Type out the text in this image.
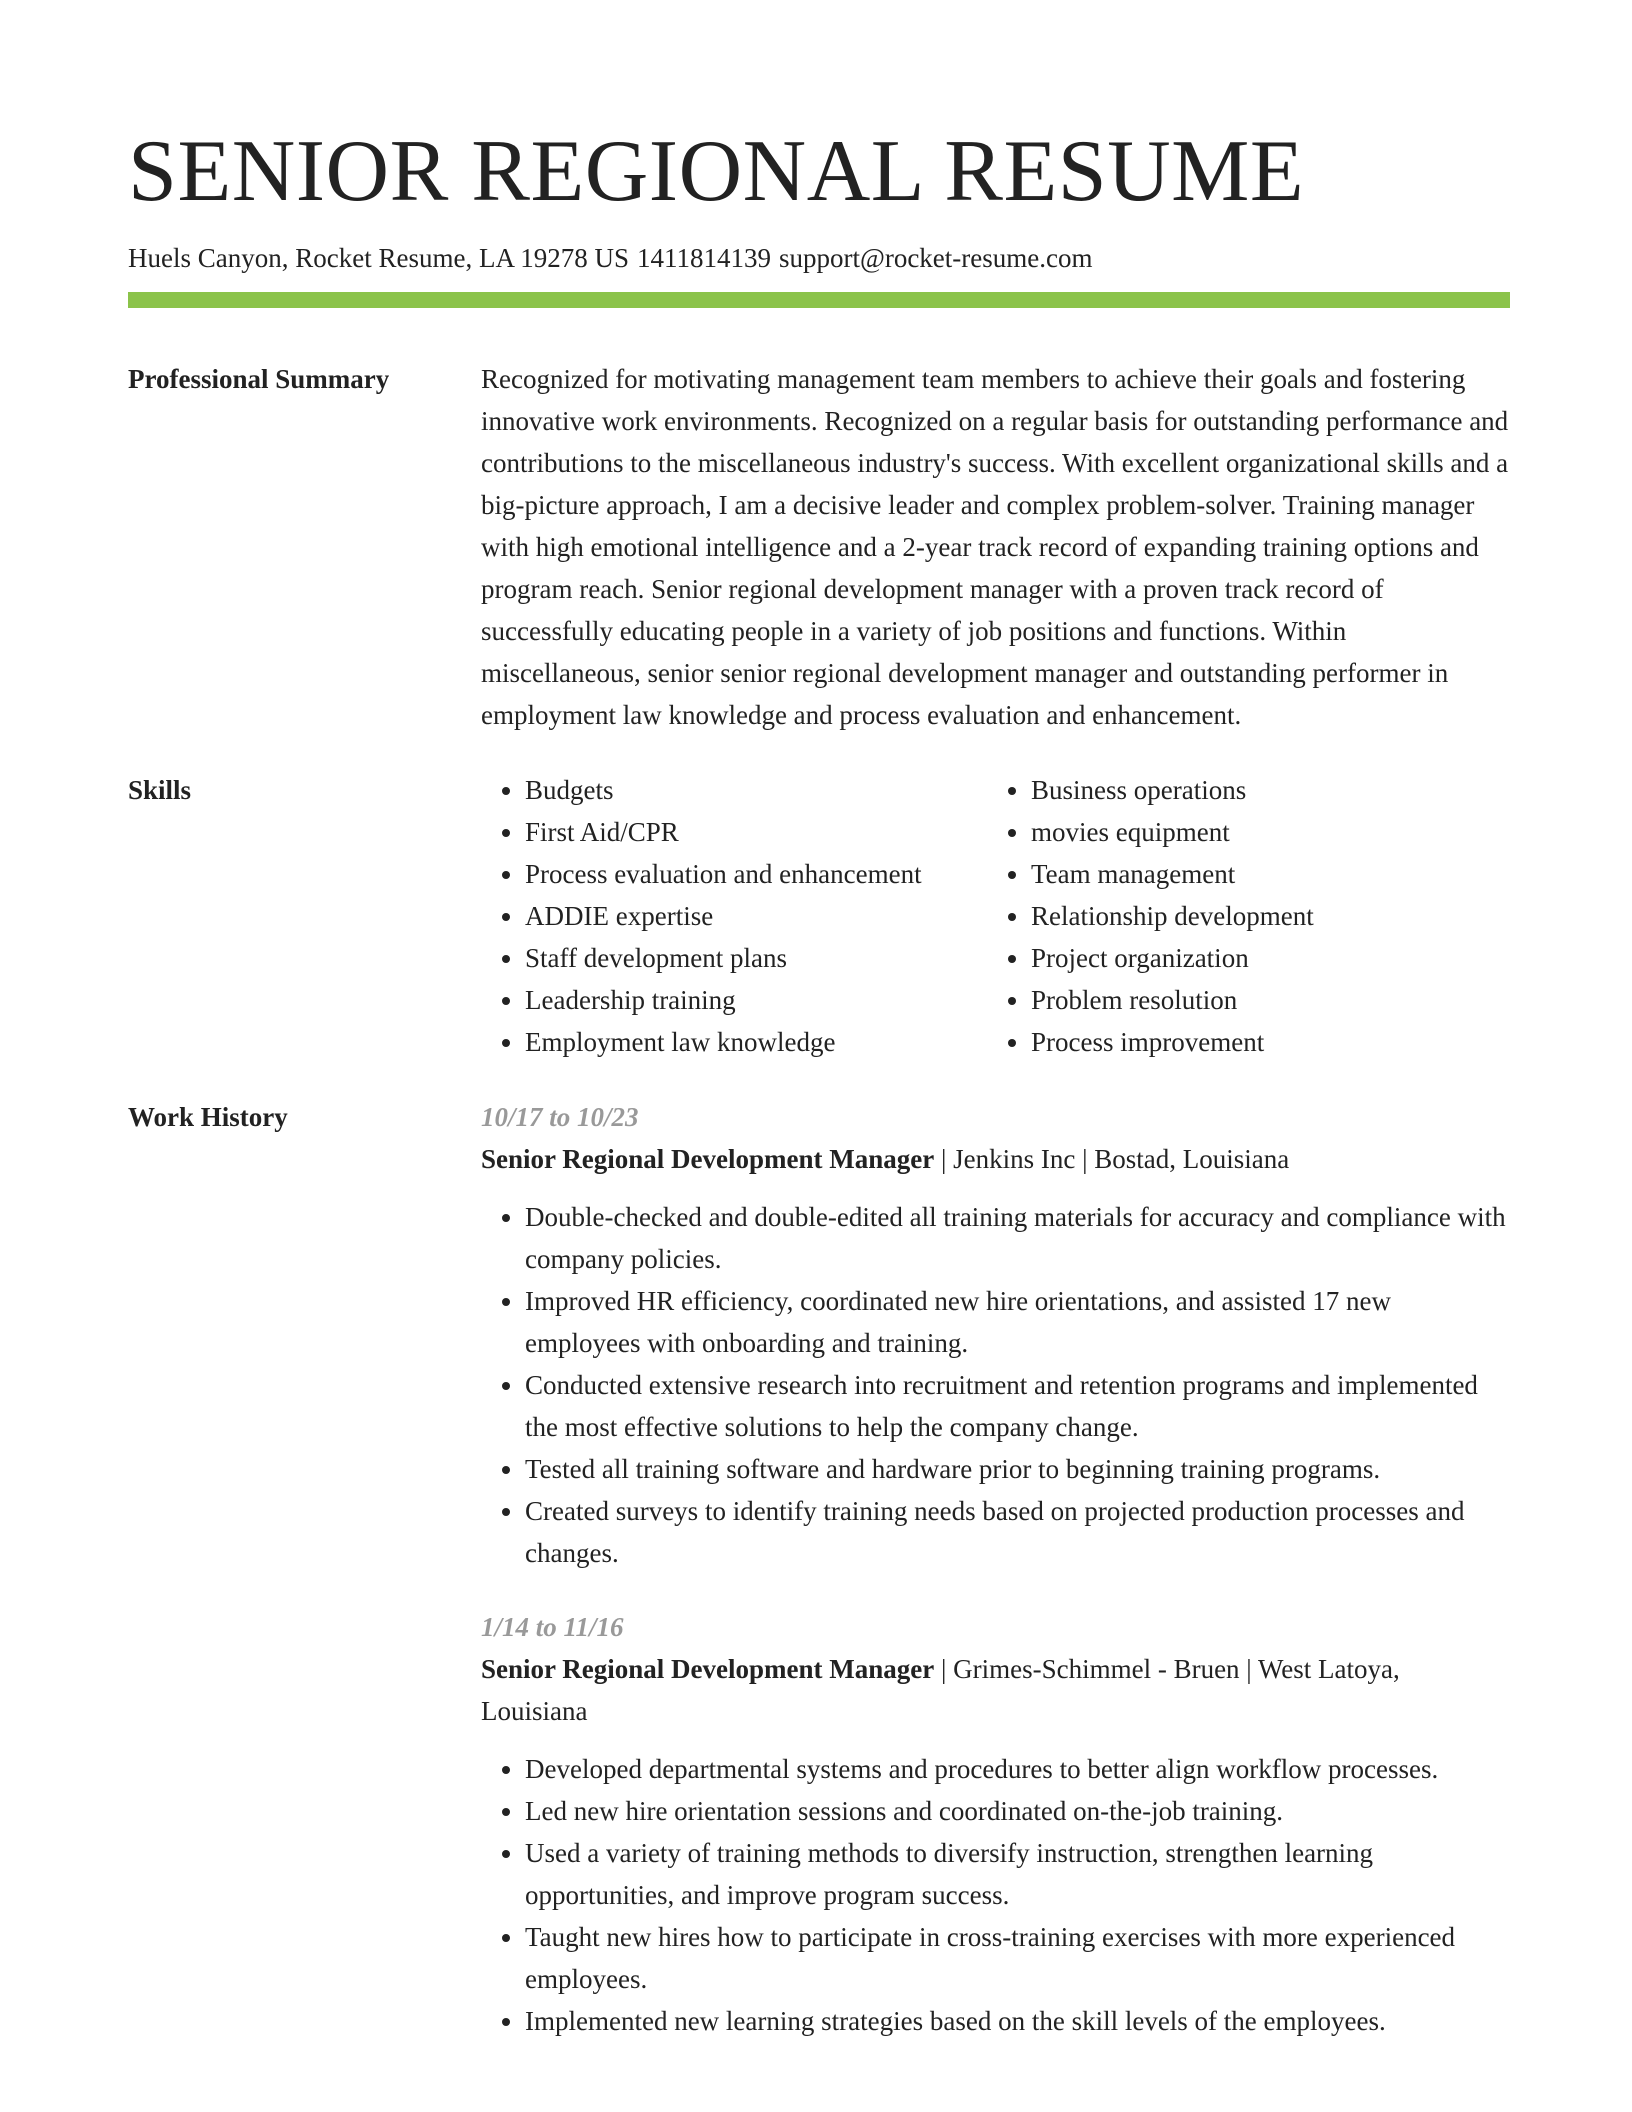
SENIOR REGIONAL RESUME
Huels Canyon, Rocket Resume, LA 19278 US 1411814139 support@rocket-resume.com
Professional Summary	Recognized for motivating management team members to achieve their goals and fostering innovative work environments. Recognized on a regular basis for outstanding performance and contributions to the miscellaneous industry's success. With excellent organizational skills and a big-picture approach, I am a decisive leader and complex problem-solver. Training manager with high emotional intelligence and a 2-year track record of expanding training options and program reach. Senior regional development manager with a proven track record of successfully educating people in a variety of job positions and functions. Within miscellaneous, senior senior regional development manager and outstanding performer in employment law knowledge and process evaluation and enhancement.

Skills
•	Budgets
• First Aid/CPR
• Process evaluation and enhancement
• ADDIE expertise
• Staff development plans
• Leadership training
• Employment law knowledge
• Business operations
• movies equipment
• Team management
• Relationship development
• Project organization
• Problem resolution
• Process improvement
Work History	10/17 to 10/23
Senior Regional Development Manager | Jenkins Inc | Bostad, Louisiana
• Double-checked and double-edited all training materials for accuracy and compliance with company policies.
• Improved HR efficiency, coordinated new hire orientations, and assisted 17 new employees with onboarding and training.
• Conducted extensive research into recruitment and retention programs and implemented the most effective solutions to help the company change.
• Tested all training software and hardware prior to beginning training programs.
• Created surveys to identify training needs based on projected production processes and changes.
1/14 to 11/16
Senior Regional Development Manager | Grimes-Schimmel - Bruen | West Latoya, Louisiana
• Developed departmental systems and procedures to better align workflow processes.
• Led new hire orientation sessions and coordinated on-the-job training.
• Used a variety of training methods to diversify instruction, strengthen learning opportunities, and improve program success.
• Taught new hires how to participate in cross-training exercises with more experienced employees.
• Implemented new learning strategies based on the skill levels of the employees.
